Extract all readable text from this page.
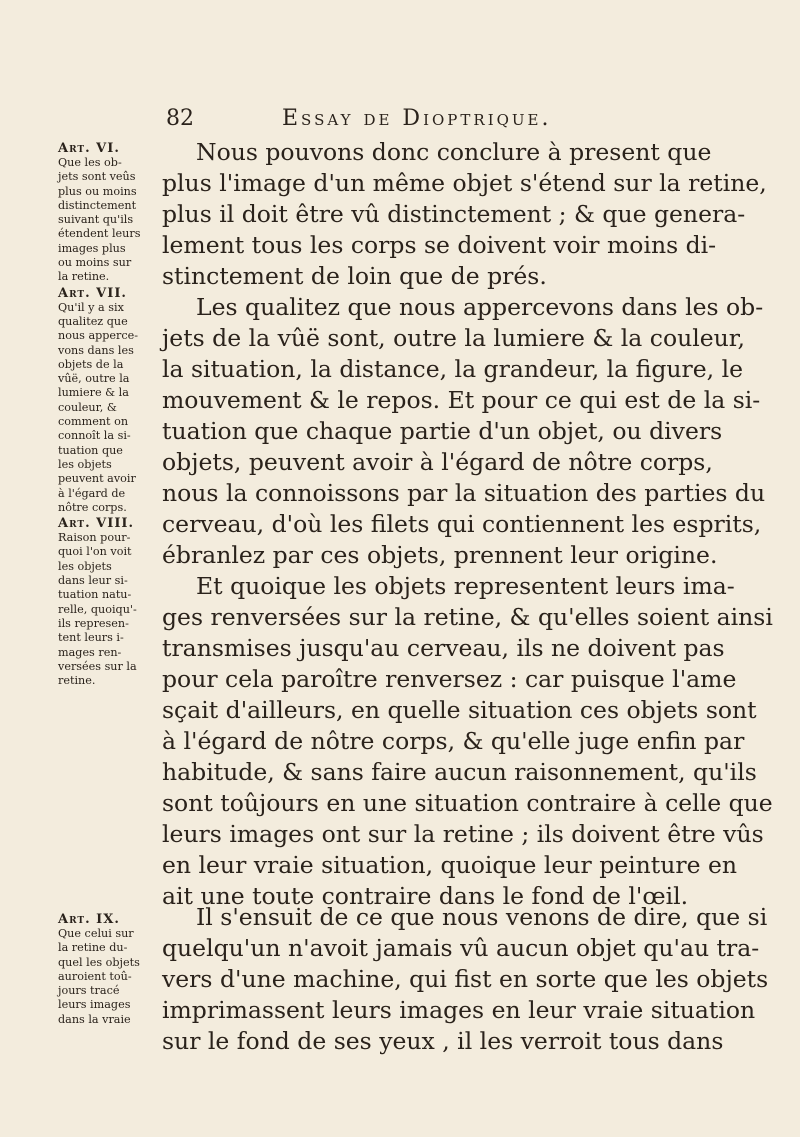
82	Essay de Dioptrique.
Art. VI.
Que les ob-
jets sont veûs
plus ou moins
distinctement
suivant qu'ils
étendent leurs
images plus
ou moins sur
la retine.
Art. VII.
Qu'il y a six
qualitez que
nous apperce-
vons dans les
objets de la
vûë, outre la
lumiere & la
couleur, &
comment on
connoît la si-
tuation que
les objets
peuvent avoir
à l'égard de
nôtre corps.
Art. VIII.
Raison pour-
quoi l'on voit
les objets
dans leur si-
tuation natu-
relle, quoiqu'-
ils represen-
tent leurs i-
mages ren-
versées sur la
retine.
Art. IX.
Que celui sur
la retine du-
quel les objets
auroient toû-
jours tracé
leurs images
dans la vraie
Nous pouvons donc conclure à present que
plus l'image d'un même objet s'étend sur la retine,
plus il doit être vû distinctement ; & que genera-
lement tous les corps se doivent voir moins di-
stinctement de loin que de prés.
Les qualitez que nous appercevons dans les ob-
jets de la vûë sont, outre la lumiere & la couleur,
la situation, la distance, la grandeur, la figure, le
mouvement & le repos. Et pour ce qui est de la si-
tuation que chaque partie d'un objet, ou divers
objets, peuvent avoir à l'égard de nôtre corps,
nous la connoissons par la situation des parties du
cerveau, d'où les filets qui contiennent les esprits,
ébranlez par ces objets, prennent leur origine.
Et quoique les objets representent leurs ima-
ges renversées sur la retine, & qu'elles soient ainsi
transmises jusqu'au cerveau, ils ne doivent pas
pour cela paroître renversez : car puisque l'ame
sçait d'ailleurs, en quelle situation ces objets sont
à l'égard de nôtre corps, & qu'elle juge enfin par
habitude, & sans faire aucun raisonnement, qu'ils
sont toûjours en une situation contraire à celle que
leurs images ont sur la retine ; ils doivent être vûs
en leur vraie situation, quoique leur peinture en
ait une toute contraire dans le fond de l'œil.
Il s'ensuit de ce que nous venons de dire, que si
quelqu'un n'avoit jamais vû aucun objet qu'au tra-
vers d'une machine, qui fist en sorte que les objets
imprimassent leurs images en leur vraie situation
sur le fond de ses yeux , il les verroit tous dans
